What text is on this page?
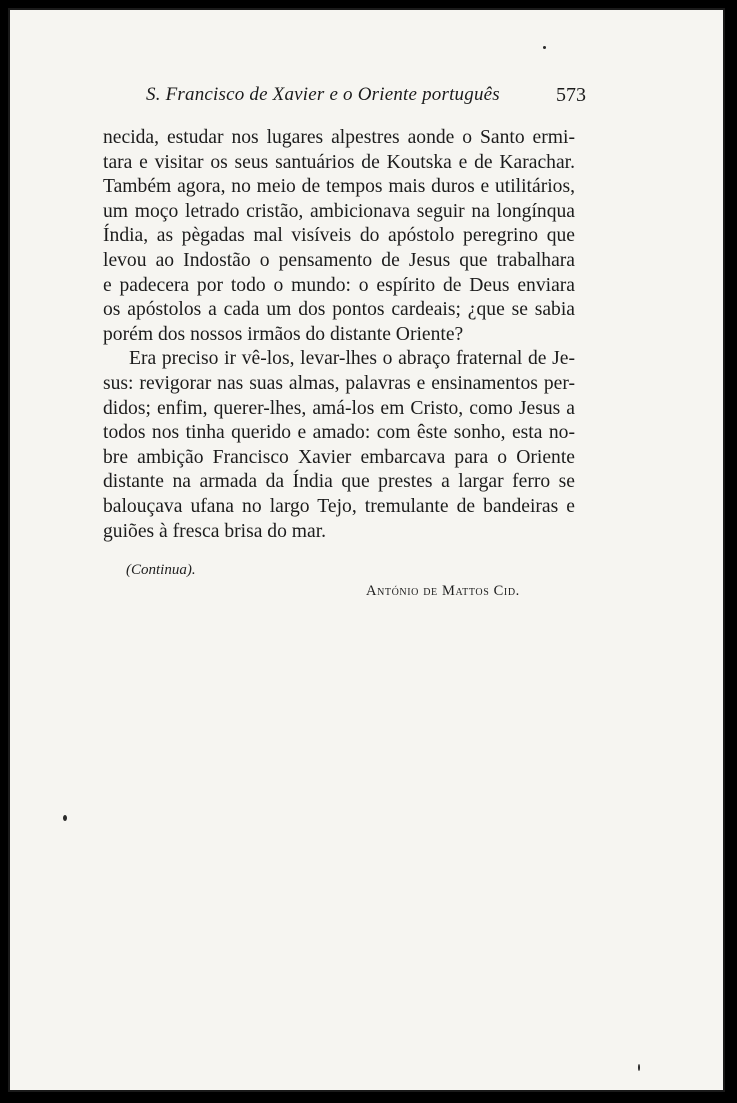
S. Francisco de Xavier e o Oriente português	573
necida, estudar nos lugares alpestres aonde o Santo ermi-
tara e visitar os seus santuários de Koutska e de Karachar.
Também agora, no meio de tempos mais duros e utilitários,
um moço letrado cristão, ambicionava seguir na longínqua
Índia, as pègadas mal visíveis do apóstolo peregrino que
levou ao Indostão o pensamento de Jesus que trabalhara
e padecera por todo o mundo: o espírito de Deus enviara
os apóstolos a cada um dos pontos cardeais; ¿que se sabia
porém dos nossos irmãos do distante Oriente?
Era preciso ir vê-los, levar-lhes o abraço fraternal de Je-
sus: revigorar nas suas almas, palavras e ensinamentos per-
didos; enfim, querer-lhes, amá-los em Cristo, como Jesus a
todos nos tinha querido e amado: com êste sonho, esta no-
bre ambição Francisco Xavier embarcava para o Oriente
distante na armada da Índia que prestes a largar ferro se
balouçava ufana no largo Tejo, tremulante de bandeiras e
guiões à fresca brisa do mar.
(Continua).
António de Mattos Cid.
